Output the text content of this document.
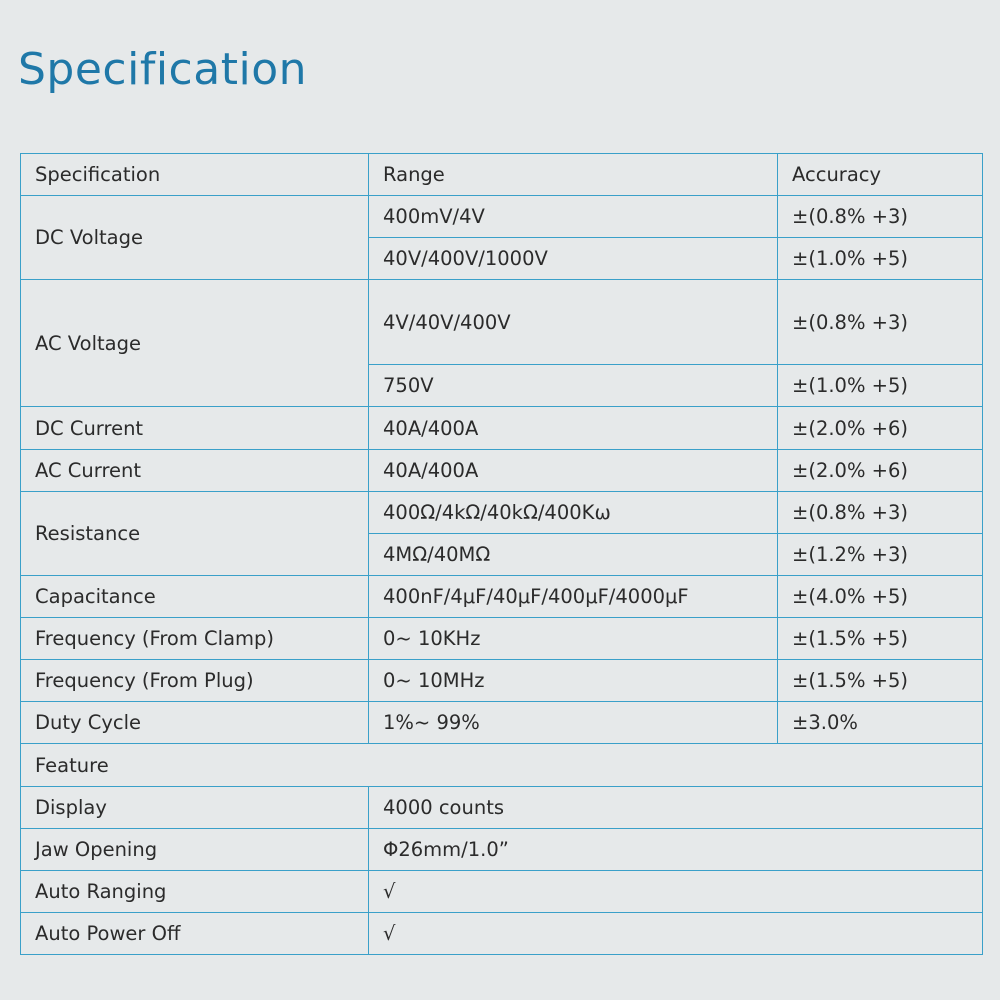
Specification
Specification	Range	Accuracy
DC Voltage	400mV/4V	±(0.8% +3)
	40V/400V/1000V	±(1.0% +5)
AC Voltage	4V/40V/400V	±(0.8% +3)
	750V	±(1.0% +5)
DC Current	40A/400A	±(2.0% +6)
AC Current	40A/400A	±(2.0% +6)
Resistance	400Ω/4kΩ/40kΩ/400Kω	±(0.8% +3)
	4MΩ/40MΩ	±(1.2% +3)
Capacitance	400nF/4μF/40μF/400μF/4000μF	±(4.0% +5)
Frequency (From Clamp)	0~ 10KHz	±(1.5% +5)
Frequency (From Plug)	0~ 10MHz	±(1.5% +5)
Duty Cycle	1%~ 99%	±3.0%
Feature		
Display	4000 counts	
Jaw Opening	Φ26mm/1.0”	
Auto Ranging	√	
Auto Power Off	√	
